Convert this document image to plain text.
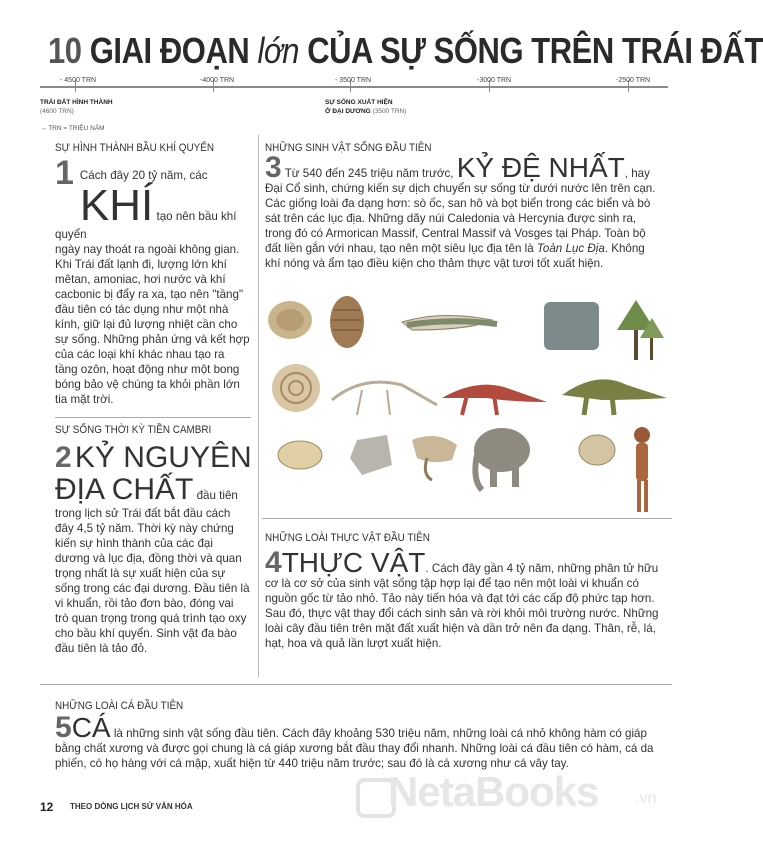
10 GIAI ĐOẠN lớn CỦA SỰ SỐNG TRÊN TRÁI ĐẤT
- 4500 TRN	-4000 TRN	- 3500 TRN	-3000 TRN	-2500 TRN
TRÁI ĐẤT HÌNH THÀNH
(4600 TRN)
SỰ SỐNG XUẤT HIỆN
Ở ĐẠI DƯƠNG (3500 TRN)
→ TRN = TRIỆU NĂM
SỰ HÌNH THÀNH BẦU KHÍ QUYỂN
1 Cách đây 20 tỷ năm, các
KHÍ tạo nên bầu khí quyển
ngày nay thoát ra ngoài không gian. Khi Trái đất lạnh đi, lượng lớn khí mêtan, amoniac, hơi nước và khí cacbonic bị đẩy ra xa, tạo nên "tầng" đầu tiên có tác dụng như một nhà kính, giữ lại đủ lượng nhiệt cần cho sự sống. Những phản ứng và kết hợp của các loại khí khác nhau tạo ra tầng ozôn, hoạt động như một bong bóng bảo vệ chúng ta khỏi phần lớn tia mặt trời.
SỰ SỐNG THỜI KỲ TIỀN CAMBRI
2 KỶ NGUYÊN
ĐỊA CHẤT đầu tiên
trong lịch sử Trái đất bắt đầu cách đây 4,5 tỷ năm. Thời kỳ này chứng kiến sự hình thành của các đại dương và lục địa, đồng thời và quan trọng nhất là sự xuất hiện của sự sống trong các đại dương. Đầu tiên là vi khuẩn, rồi tảo đơn bào, đóng vai trò quan trọng trong quá trình tạo oxy cho bầu khí quyển. Sinh vật đa bào đầu tiên là tảo đỏ.
NHỮNG SINH VẬT SỐNG ĐẦU TIÊN
3 Từ 540 đến 245 triệu năm trước, KỶ ĐỆ NHẤT, hay Đại Cổ sinh, chứng kiến sự dịch chuyển sự sống từ dưới nước lên trên cạn. Các giống loài đa dạng hơn: sò ốc, san hô và bọt biển trong các biển và bò sát trên các lục địa. Những dãy núi Caledonia và Hercynia được sinh ra, trong đó có Armorican Massif, Central Massif và Vosges tại Pháp. Toàn bộ đất liền gắn với nhau, tạo nên một siêu lục địa tên là Toàn Lục Địa. Không khí nóng và ẩm tạo điều kiện cho thảm thực vật tươi tốt xuất hiện.
NHỮNG LOÀI THỰC VẬT ĐẦU TIÊN
4THỰC VẬT. Cách đây gần 4 tỷ năm, những phân tử hữu cơ là cơ sở của sinh vật sống tập hợp lại để tạo nên một loài vi khuẩn có nguồn gốc từ tảo nhỏ. Tảo này tiến hóa và đạt tới các cấp độ phức tạp hơn. Sau đó, thực vật thay đổi cách sinh sản và rời khỏi môi trường nước. Những loài cây đầu tiên trên mặt đất xuất hiện và dần trở nên đa dạng. Thân, rễ, lá, hạt, hoa và quả lần lượt xuất hiện.
NHỮNG LOÀI CÁ ĐẦU TIÊN
5CÁ là những sinh vật sống đầu tiên. Cách đây khoảng 530 triệu năm, những loài cá nhỏ không hàm có giáp bằng chất xương và được gọi chung là cá giáp xương bắt đầu thay đổi nhanh. Những loài cá đầu tiên có hàm, cá da phiến, có họ hàng với cá mập, xuất hiện từ 440 triệu năm trước; sau đó là cá xương như cá vây tay.
NetaBooks .vn
12 THEO DÒNG LỊCH SỬ VĂN HÓA
